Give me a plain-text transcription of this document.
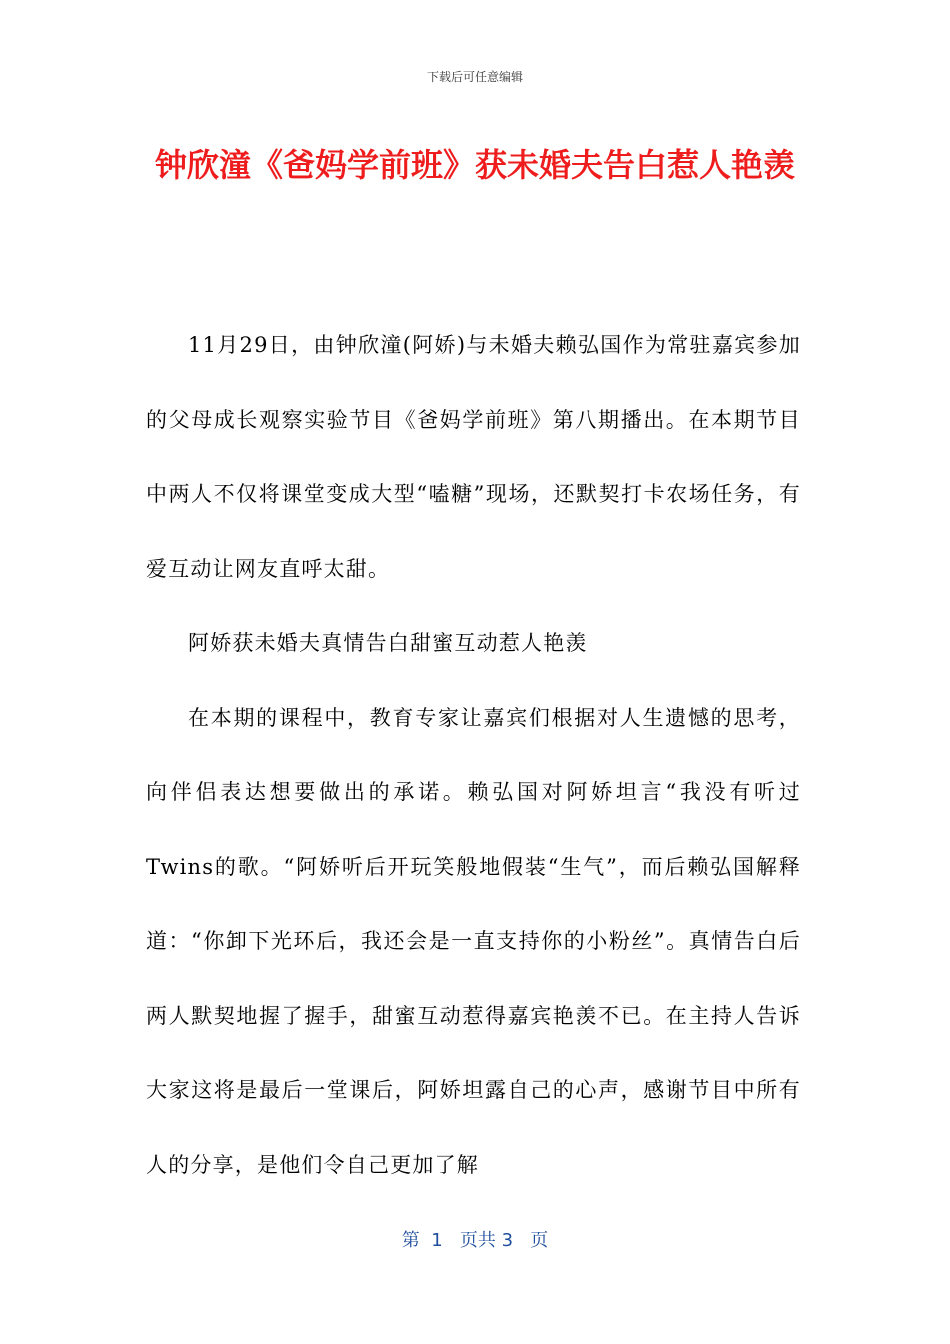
下载后可任意编辑
钟欣潼《爸妈学前班》获未婚夫告白惹人艳羡

11月29日，由钟欣潼(阿娇)与未婚夫赖弘国作为常驻嘉宾参加的父母成长观察实验节目《爸妈学前班》第八期播出。在本期节目中两人不仅将课堂变成大型“嗑糖”现场，还默契打卡农场任务，有爱互动让网友直呼太甜。

阿娇获未婚夫真情告白甜蜜互动惹人艳羡

在本期的课程中，教育专家让嘉宾们根据对人生遗憾的思考，向伴侣表达想要做出的承诺。赖弘国对阿娇坦言“我没有听过Twins的歌。“阿娇听后开玩笑般地假装“生气”，而后赖弘国解释道：“你卸下光环后，我还会是一直支持你的小粉丝”。真情告白后两人默契地握了握手，甜蜜互动惹得嘉宾艳羡不已。在主持人告诉大家这将是最后一堂课后，阿娇坦露自己的心声，感谢节目中所有人的分享，是他们令自己更加了解

第  1   页共 3   页
